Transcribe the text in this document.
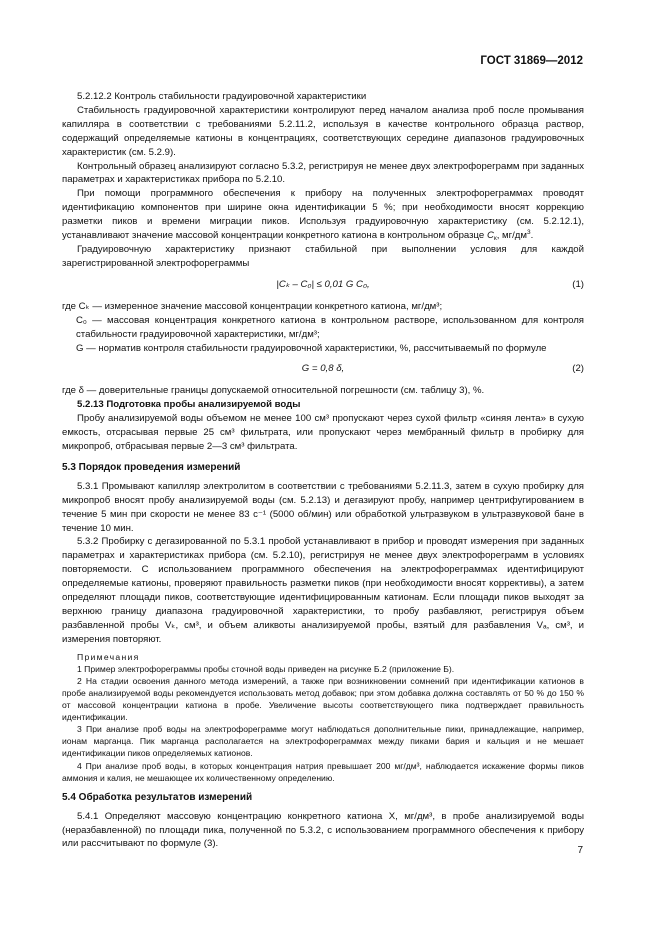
ГОСТ 31869—2012

5.2.12.2 Контроль стабильности градуировочной характеристики

Стабильность градуировочной характеристики контролируют перед началом анализа проб после промывания капилляра в соответствии с требованиями 5.2.11.2, используя в качестве контрольного образца раствор, содержащий определяемые катионы в концентрациях, соответствующих середине диапазонов градуировочных характеристик (см. 5.2.9).

Контрольный образец анализируют согласно 5.3.2, регистрируя не менее двух электрофореграмм при заданных параметрах и характеристиках прибора по 5.2.10.

При помощи программного обеспечения к прибору на полученных электрофореграммах проводят идентификацию компонентов при ширине окна идентификации 5 %; при необходимости вносят коррекцию разметки пиков и времени миграции пиков. Используя градуировочную характеристику (см. 5.2.12.1), устанавливают значение массовой концентрации конкретного катиона в контрольном образце $C_к$, $мг/дм^3$.

Градуировочную характеристику признают стабильной при выполнении условия для каждой зарегистрированной электрофореграммы

|Cₖ – C₀| ≤ 0,01 G C₀,	(1)

где Cₖ — измеренное значение массовой концентрации конкретного катиона, мг/дм³;

C₀ — массовая концентрация конкретного катиона в контрольном растворе, использованном для контроля стабильности градуировочной характеристики, мг/дм³;

G — норматив контроля стабильности градуировочной характеристики, %, рассчитываемый по формуле

G = 0,8 δ,	(2)

где δ — доверительные границы допускаемой относительной погрешности (см. таблицу 3), %.

5.2.13 Подготовка пробы анализируемой воды

Пробу анализируемой воды объемом не менее 100 см³ пропускают через сухой фильтр «синяя лента» в сухую емкость, отсрасывая первые 25 см³ фильтрата, или пропускают через мембранный фильтр в пробирку для микропроб, отбрасывая первые 2—3 см³ фильтрата.

5.3 Порядок проведения измерений

5.3.1 Промывают капилляр электролитом в соответствии с требованиями 5.2.11.3, затем в сухую пробирку для микропроб вносят пробу анализируемой воды (см. 5.2.13) и дегазируют пробу, например центрифугированием в течение 5 мин при скорости не менее 83 с⁻¹ (5000 об/мин) или обработкой ультразвуком в ультразвуковой бане в течение 10 мин.

5.3.2 Пробирку с дегазированной по 5.3.1 пробой устанавливают в прибор и проводят измерения при заданных параметрах и характеристиках прибора (см. 5.2.10), регистрируя не менее двух электрофореграмм в условиях повторяемости. С использованием программного обеспечения на электрофореграммах идентифицируют определяемые катионы, проверяют правильность разметки пиков (при необходимости вносят коррективы), а затем определяют площади пиков, соответствующие идентифицированным катионам. Если площади пиков выходят за верхнюю границу диапазона градуировочной характеристики, то пробу разбавляют, регистрируя объем разбавленной пробы Vₖ, см³, и объем аликвоты анализируемой пробы, взятый для разбавления Vₐ, см³, и измерения повторяют.

Примечания

1 Пример электрофореграммы пробы сточной воды приведен на рисунке Б.2 (приложение Б).

2 На стадии освоения данного метода измерений, а также при возникновении сомнений при идентификации катионов в пробе анализируемой воды рекомендуется использовать метод добавок; при этом добавка должна составлять от 50 % до 150 % от массовой концентрации катиона в пробе. Увеличение высоты соответствующего пика подтверждает правильность идентификации.

3 При анализе проб воды на электрофореграмме могут наблюдаться дополнительные пики, принадлежащие, например, ионам марганца. Пик марганца располагается на электрофореграммах между пиками бария и кальция и не мешает идентификации пиков определяемых катионов.

4 При анализе проб воды, в которых концентрация натрия превышает 200 мг/дм³, наблюдается искажение формы пиков аммония и калия, не мешающее их количественному определению.

5.4 Обработка результатов измерений

5.4.1 Определяют массовую концентрацию конкретного катиона X, мг/дм³, в пробе анализируемой воды (неразбавленной) по площади пика, полученной по 5.3.2, с использованием программного обеспечения к прибору или рассчитывают по формуле (3).

7
